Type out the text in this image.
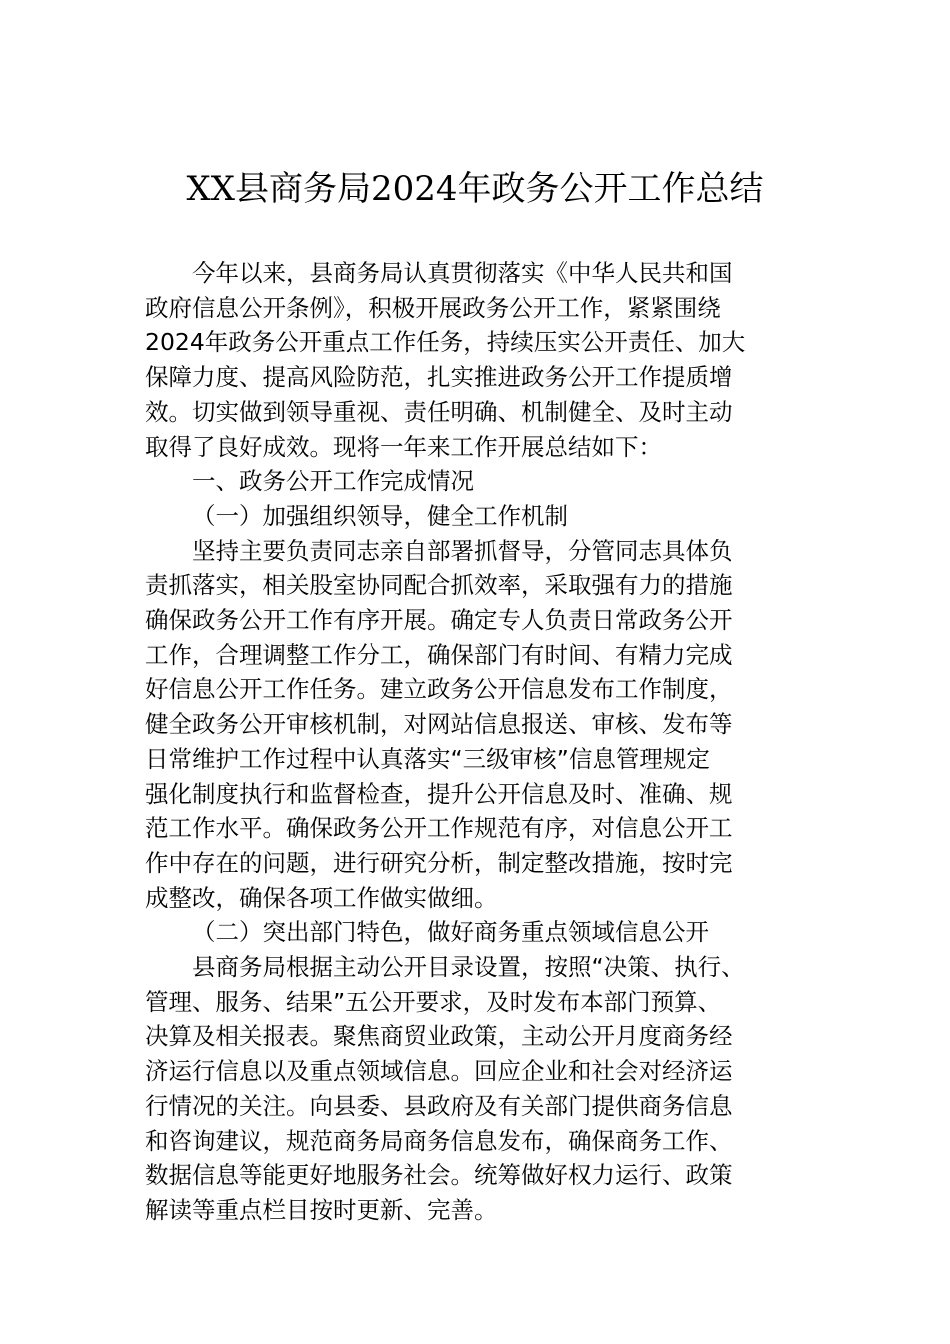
XX县商务局2024年政务公开工作总结

今年以来，县商务局认真贯彻落实《中华人民共和国
政府信息公开条例》，积极开展政务公开工作，紧紧围绕
2024年政务公开重点工作任务，持续压实公开责任、加大
保障力度、提高风险防范，扎实推进政务公开工作提质增
效。切实做到领导重视、责任明确、机制健全、及时主动
取得了良好成效。现将一年来工作开展总结如下：

一、政务公开工作完成情况

（一）加强组织领导，健全工作机制

坚持主要负责同志亲自部署抓督导，分管同志具体负
责抓落实，相关股室协同配合抓效率，采取强有力的措施
确保政务公开工作有序开展。确定专人负责日常政务公开
工作，合理调整工作分工，确保部门有时间、有精力完成
好信息公开工作任务。建立政务公开信息发布工作制度，
健全政务公开审核机制，对网站信息报送、审核、发布等
日常维护工作过程中认真落实“三级审核”信息管理规定
强化制度执行和监督检查，提升公开信息及时、准确、规
范工作水平。确保政务公开工作规范有序，对信息公开工
作中存在的问题，进行研究分析，制定整改措施，按时完
成整改，确保各项工作做实做细。

（二）突出部门特色，做好商务重点领域信息公开

县商务局根据主动公开目录设置，按照“决策、执行、
管理、服务、结果”五公开要求，及时发布本部门预算、
决算及相关报表。聚焦商贸业政策，主动公开月度商务经
济运行信息以及重点领域信息。回应企业和社会对经济运
行情况的关注。向县委、县政府及有关部门提供商务信息
和咨询建议，规范商务局商务信息发布，确保商务工作、
数据信息等能更好地服务社会。统筹做好权力运行、政策
解读等重点栏目按时更新、完善。
